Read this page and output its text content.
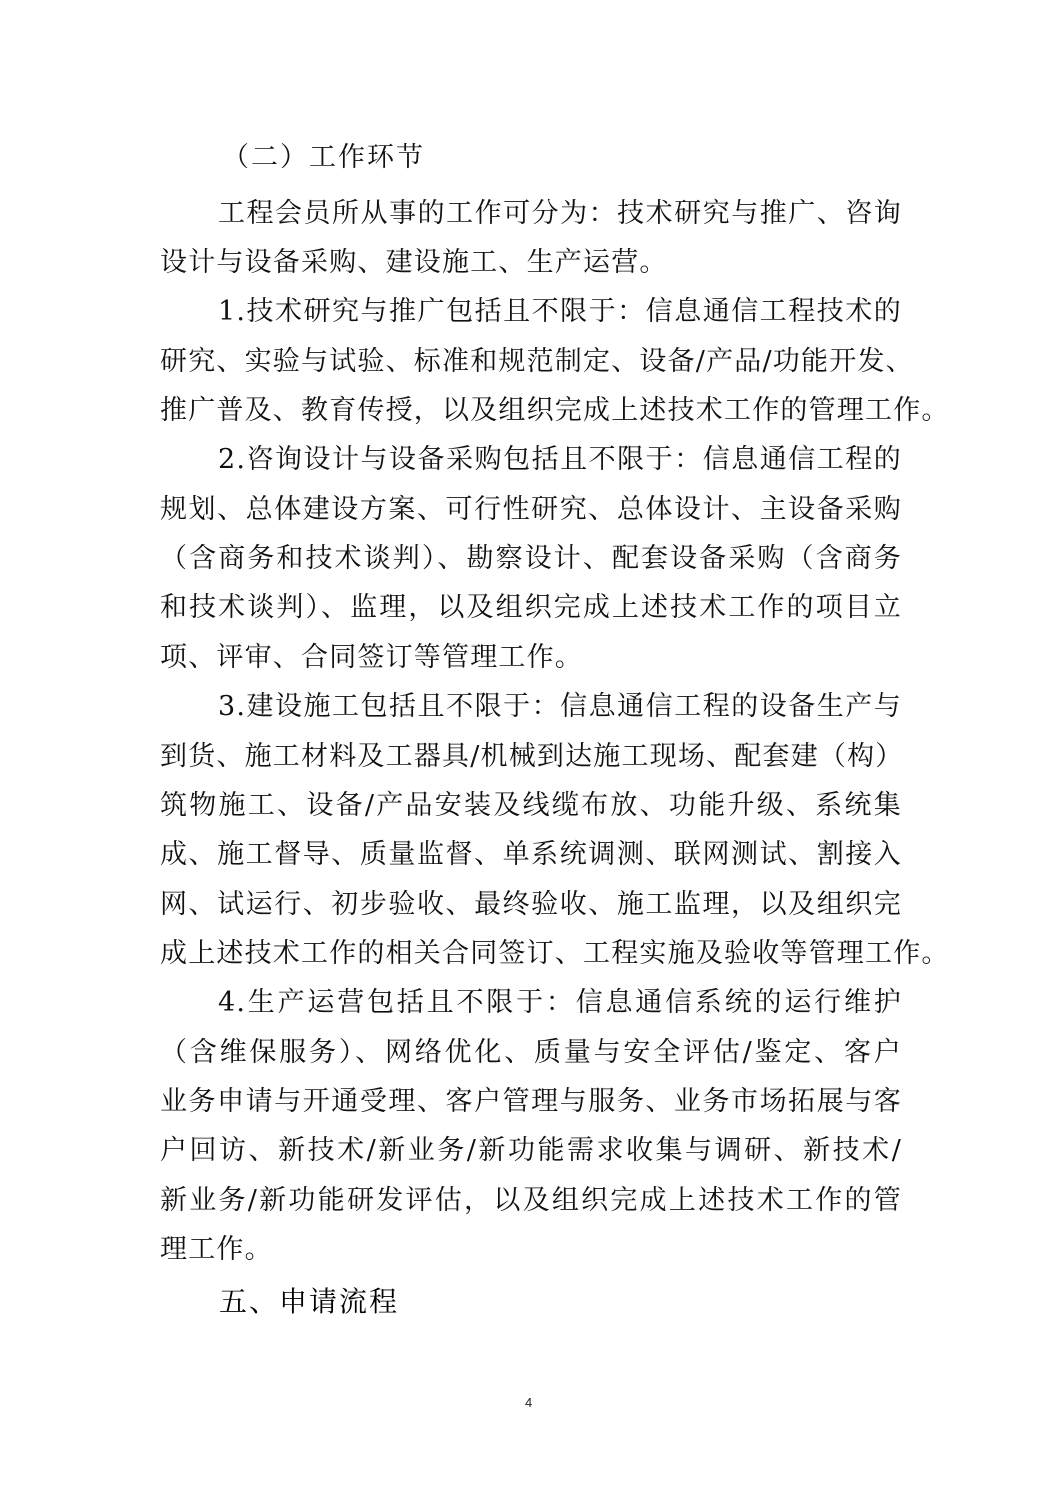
（二）工作环节
工程会员所从事的工作可分为：技术研究与推广、咨询
设计与设备采购、建设施工、生产运营。
1.技术研究与推广包括且不限于：信息通信工程技术的
研究、实验与试验、标准和规范制定、设备/产品/功能开发、
推广普及、教育传授，以及组织完成上述技术工作的管理工作。
2.咨询设计与设备采购包括且不限于：信息通信工程的
规划、总体建设方案、可行性研究、总体设计、主设备采购
（含商务和技术谈判）、勘察设计、配套设备采购（含商务
和技术谈判）、监理，以及组织完成上述技术工作的项目立
项、评审、合同签订等管理工作。
3.建设施工包括且不限于：信息通信工程的设备生产与
到货、施工材料及工器具/机械到达施工现场、配套建（构）
筑物施工、设备/产品安装及线缆布放、功能升级、系统集
成、施工督导、质量监督、单系统调测、联网测试、割接入
网、试运行、初步验收、最终验收、施工监理，以及组织完
成上述技术工作的相关合同签订、工程实施及验收等管理工作。
4.生产运营包括且不限于：信息通信系统的运行维护
（含维保服务）、网络优化、质量与安全评估/鉴定、客户
业务申请与开通受理、客户管理与服务、业务市场拓展与客
户回访、新技术/新业务/新功能需求收集与调研、新技术/
新业务/新功能研发评估，以及组织完成上述技术工作的管
理工作。
五、申请流程
4
